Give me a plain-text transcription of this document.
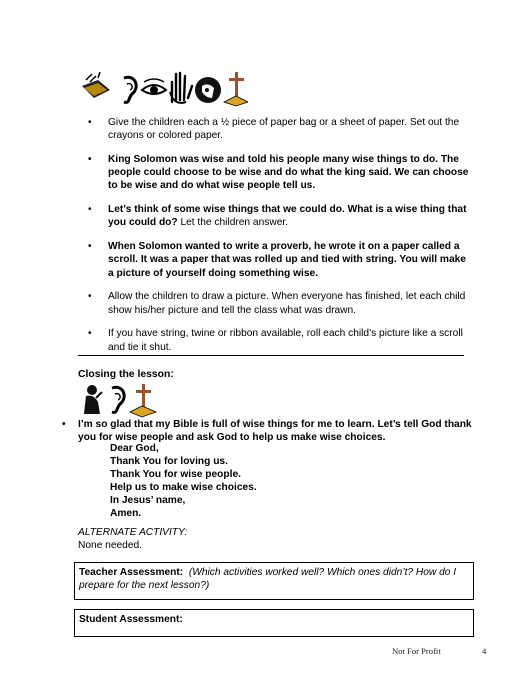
• Give the children each a ½ piece of paper bag or a sheet of paper. Set out the crayons or colored paper.
• King Solomon was wise and told his people many wise things to do. The people could choose to be wise and do what the king said. We can choose to be wise and do what wise people tell us.
• Let’s think of some wise things that we could do. What is a wise thing that you could do? Let the children answer.
• When Solomon wanted to write a proverb, he wrote it on a paper called a scroll. It was a paper that was rolled up and tied with string. You will make a picture of yourself doing something wise.
• Allow the children to draw a picture. When everyone has finished, let each child show his/her picture and tell the class what was drawn.
• If you have string, twine or ribbon available, roll each child’s picture like a scroll and tie it shut.
Closing the lesson:
• I’m so glad that my Bible is full of wise things for me to learn. Let’s tell God thank you for wise people and ask God to help us make wise choices.
Dear God,
Thank You for loving us.
Thank You for wise people.
Help us to make wise choices.
In Jesus’ name,
Amen.
ALTERNATE ACTIVITY:
None needed.
Teacher Assessment: (Which activities worked well? Which ones didn’t? How do I prepare for the next lesson?)
Student Assessment:
Not For Profit	4
